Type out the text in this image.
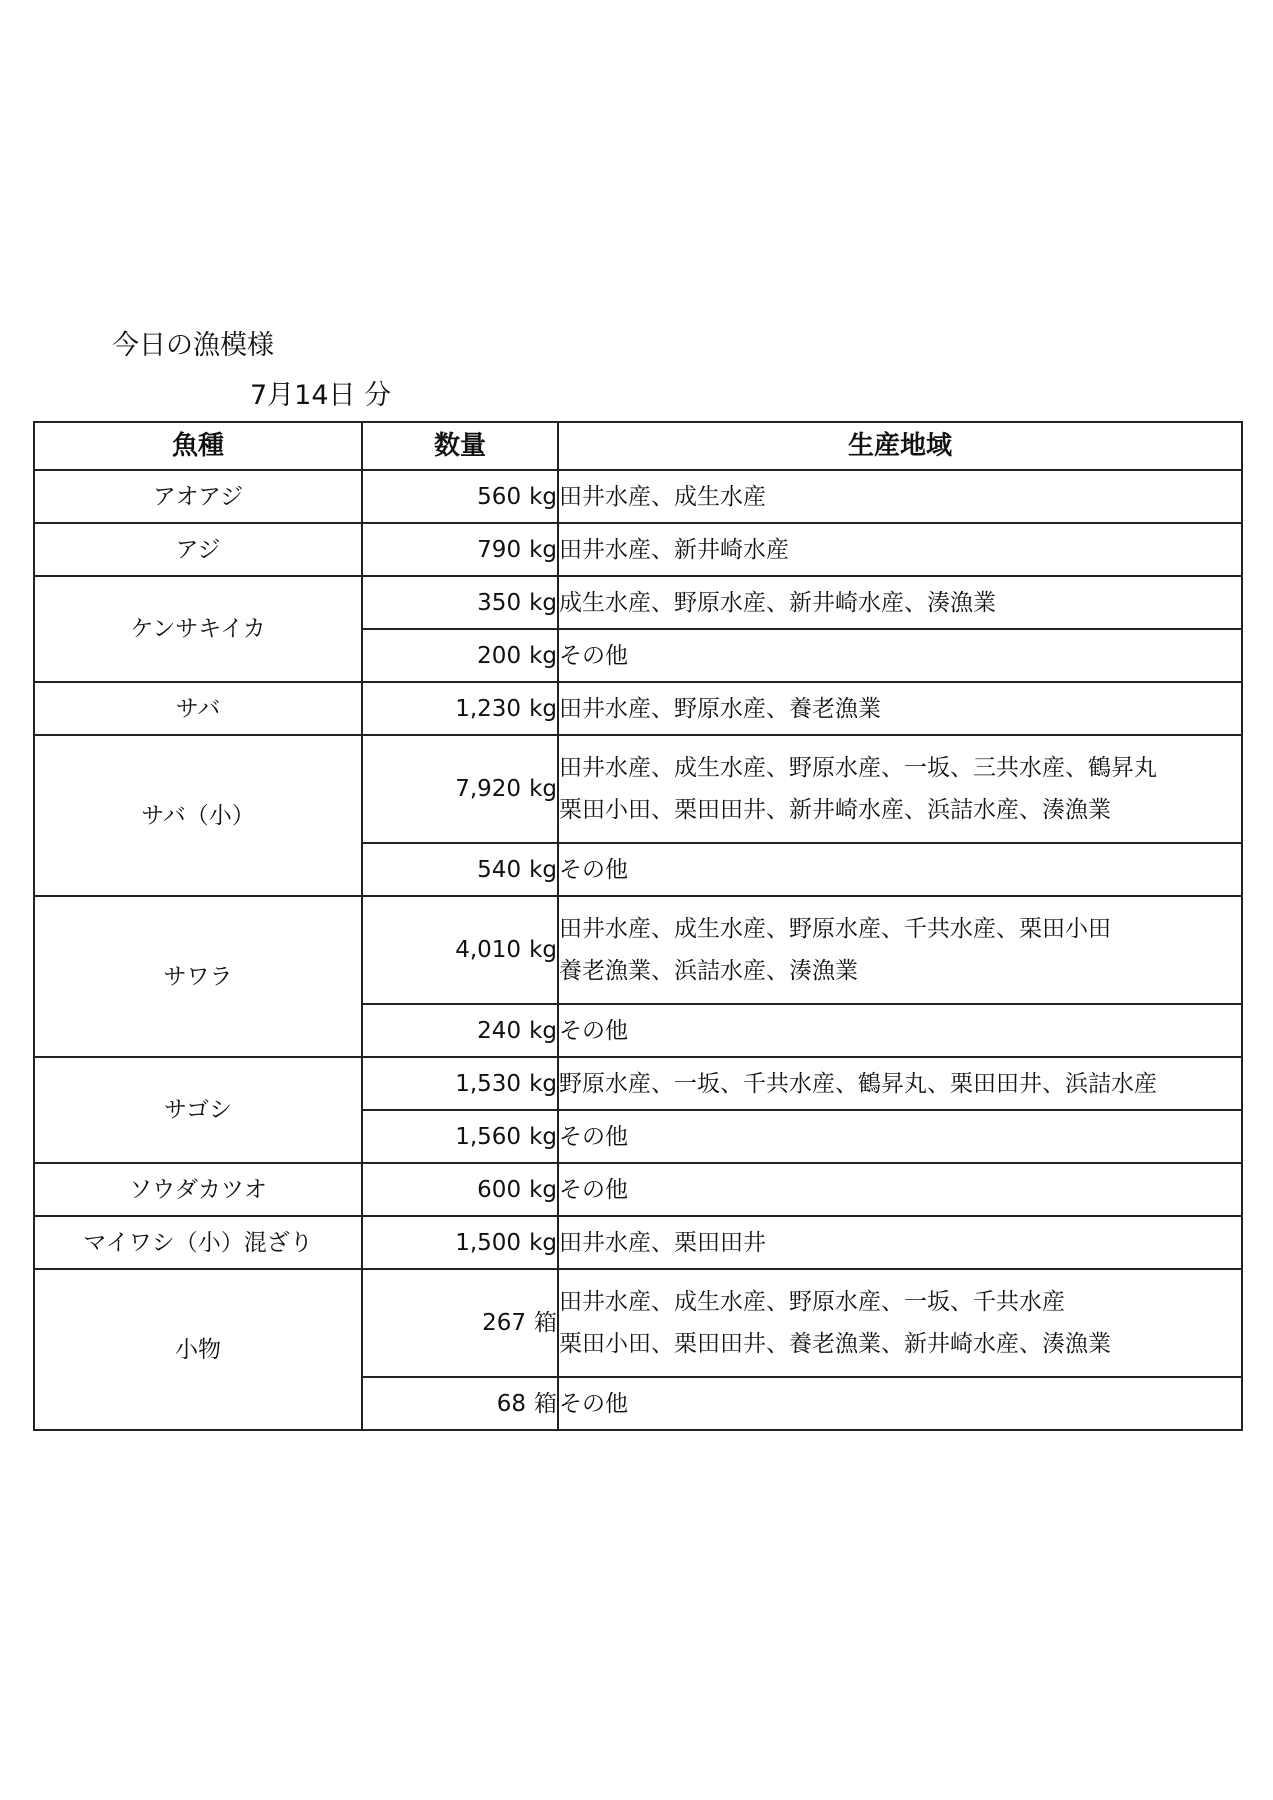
今日の漁模様
7月14日 分
魚種	数量	生産地域
アオアジ	560 kg	田井水産、成生水産

アジ	790 kg	田井水産、新井崎水産

ケンサキイカ	350 kg	成生水産、野原水産、新井崎水産、湊漁業

	200 kg	その他

サバ	1,230 kg	田井水産、野原水産、養老漁業

サバ（小）	7,920 kg	田井水産、成生水産、野原水産、一坂、三共水産、鶴昇丸
栗田小田、栗田田井、新井崎水産、浜詰水産、湊漁業

	540 kg	その他

サワラ	4,010 kg	田井水産、成生水産、野原水産、千共水産、栗田小田
養老漁業、浜詰水産、湊漁業

	240 kg	その他

サゴシ	1,530 kg	野原水産、一坂、千共水産、鶴昇丸、栗田田井、浜詰水産

	1,560 kg	その他

ソウダカツオ	600 kg	その他

マイワシ（小）混ざり	1,500 kg	田井水産、栗田田井

小物	267 箱	田井水産、成生水産、野原水産、一坂、千共水産
栗田小田、栗田田井、養老漁業、新井崎水産、湊漁業

	68 箱	その他
